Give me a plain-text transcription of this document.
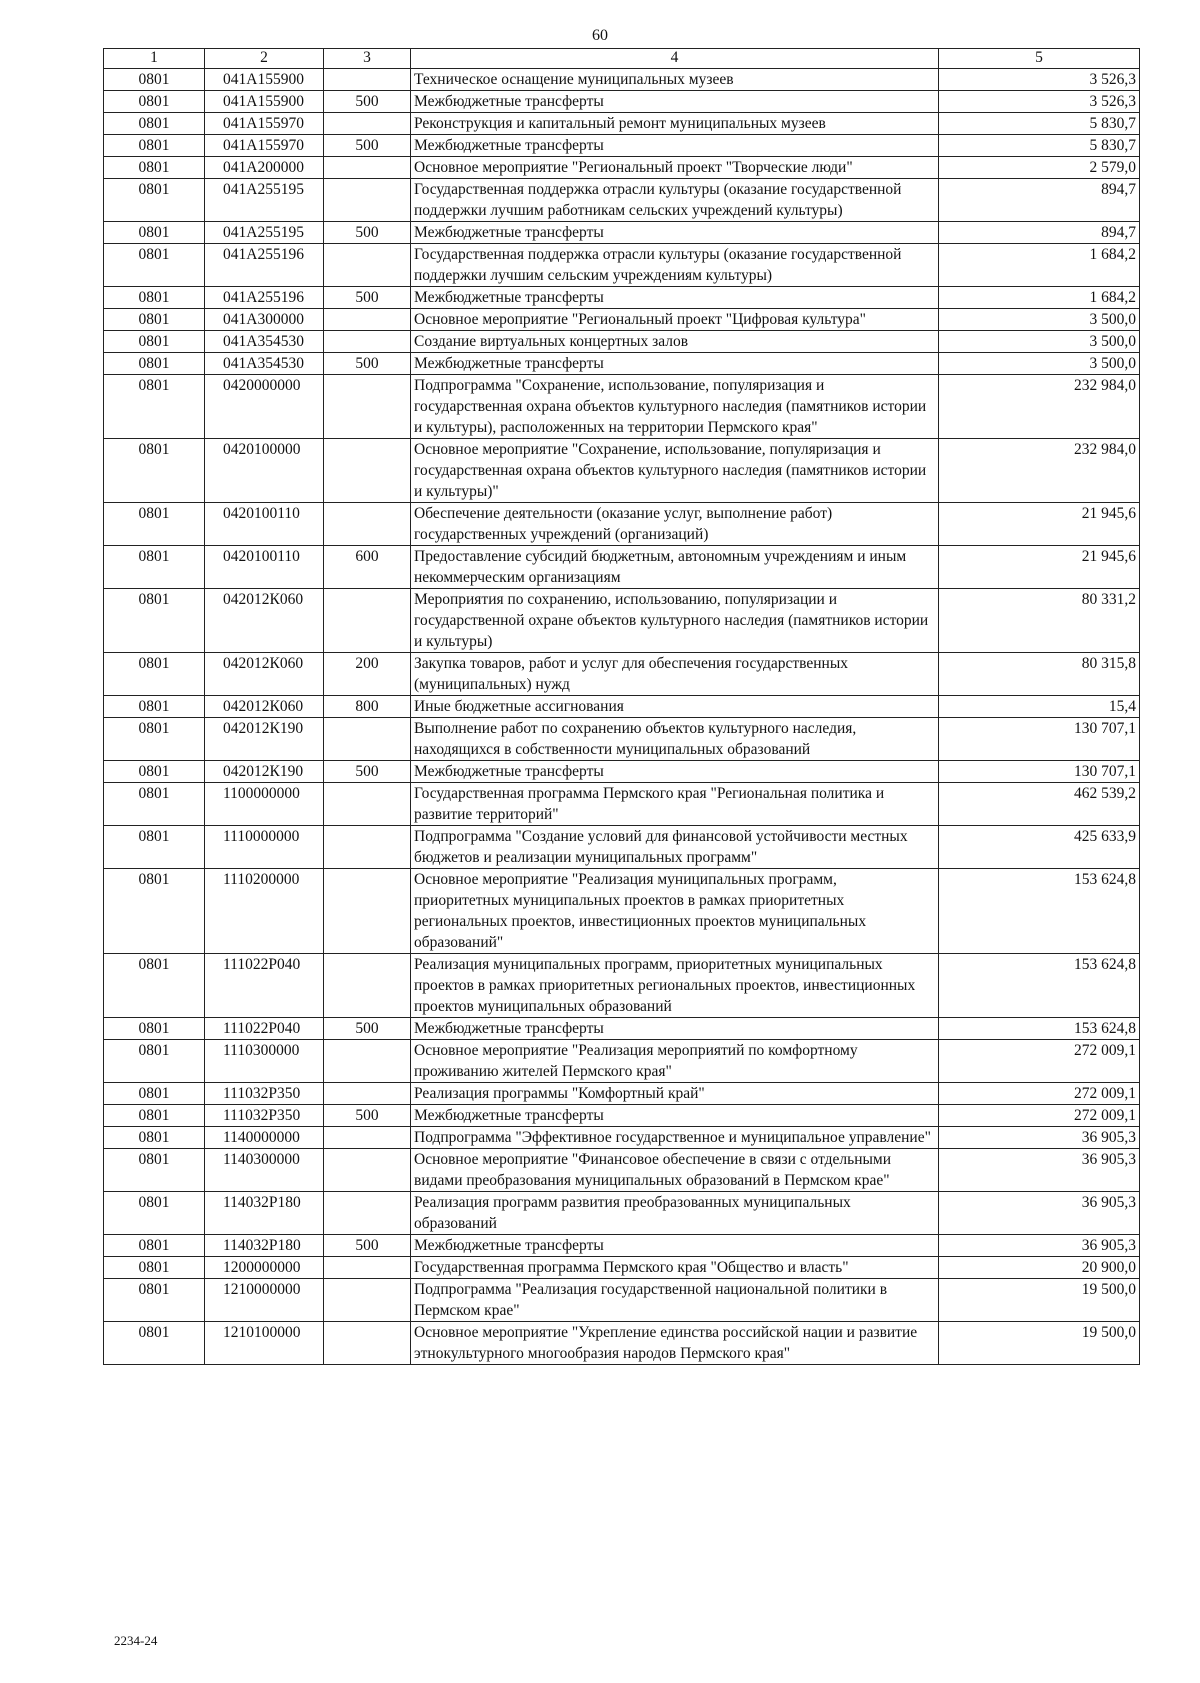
60
1	2	3	4	5
0801	041A155900		Техническое оснащение муниципальных музеев	3 526,3
0801	041A155900	500	Межбюджетные трансферты	3 526,3
0801	041A155970		Реконструкция и капитальный ремонт муниципальных музеев	5 830,7
0801	041A155970	500	Межбюджетные трансферты	5 830,7
0801	041A200000		Основное мероприятие "Региональный проект "Творческие люди"	2 579,0
0801	041A255195		Государственная поддержка отрасли культуры (оказание государственной поддержки лучшим работникам сельских учреждений культуры)	894,7
0801	041A255195	500	Межбюджетные трансферты	894,7
0801	041A255196		Государственная поддержка отрасли культуры (оказание государственной поддержки лучшим сельским учреждениям культуры)	1 684,2
0801	041A255196	500	Межбюджетные трансферты	1 684,2
0801	041A300000		Основное мероприятие "Региональный проект "Цифровая культура"	3 500,0
0801	041A354530		Создание виртуальных концертных залов	3 500,0
0801	041A354530	500	Межбюджетные трансферты	3 500,0
0801	0420000000		Подпрограмма "Сохранение, использование, популяризация и государственная охрана объектов культурного наследия (памятников истории и культуры), расположенных на территории Пермского края"	232 984,0
0801	0420100000		Основное мероприятие "Сохранение, использование, популяризация и государственная охрана объектов культурного наследия (памятников истории и культуры)"	232 984,0
0801	0420100110		Обеспечение деятельности (оказание услуг, выполнение работ) государственных учреждений (организаций)	21 945,6
0801	0420100110	600	Предоставление субсидий бюджетным, автономным учреждениям и иным некоммерческим организациям	21 945,6
0801	042012К060		Мероприятия по сохранению, использованию, популяризации и государственной охране объектов культурного наследия (памятников истории и культуры)	80 331,2
0801	042012К060	200	Закупка товаров, работ и услуг для обеспечения государственных (муниципальных) нужд	80 315,8
0801	042012К060	800	Иные бюджетные ассигнования	15,4
0801	042012К190		Выполнение работ по сохранению объектов культурного наследия, находящихся в собственности муниципальных образований	130 707,1
0801	042012К190	500	Межбюджетные трансферты	130 707,1
0801	1100000000		Государственная программа Пермского края "Региональная политика и развитие территорий"	462 539,2
0801	1110000000		Подпрограмма "Создание условий для финансовой устойчивости местных бюджетов и реализации муниципальных программ"	425 633,9
0801	1110200000		Основное мероприятие "Реализация муниципальных программ, приоритетных муниципальных проектов в рамках приоритетных региональных проектов, инвестиционных проектов муниципальных образований"	153 624,8
0801	111022P040		Реализация муниципальных программ, приоритетных муниципальных проектов в рамках приоритетных региональных проектов, инвестиционных проектов муниципальных образований	153 624,8
0801	111022P040	500	Межбюджетные трансферты	153 624,8
0801	1110300000		Основное мероприятие "Реализация мероприятий по комфортному проживанию жителей Пермского края"	272 009,1
0801	111032P350		Реализация программы "Комфортный край"	272 009,1
0801	111032P350	500	Межбюджетные трансферты	272 009,1
0801	1140000000		Подпрограмма "Эффективное государственное и муниципальное управление"	36 905,3
0801	1140300000		Основное мероприятие "Финансовое обеспечение в связи с отдельными видами преобразования муниципальных образований в Пермском крае"	36 905,3
0801	114032P180		Реализация программ развития преобразованных муниципальных образований	36 905,3
0801	114032P180	500	Межбюджетные трансферты	36 905,3
0801	1200000000		Государственная программа Пермского края "Общество и власть"	20 900,0
0801	1210000000		Подпрограмма "Реализация государственной национальной политики в Пермском крае"	19 500,0
0801	1210100000		Основное мероприятие "Укрепление единства российской нации и развитие этнокультурного многообразия народов Пермского края"	19 500,0
2234-24
